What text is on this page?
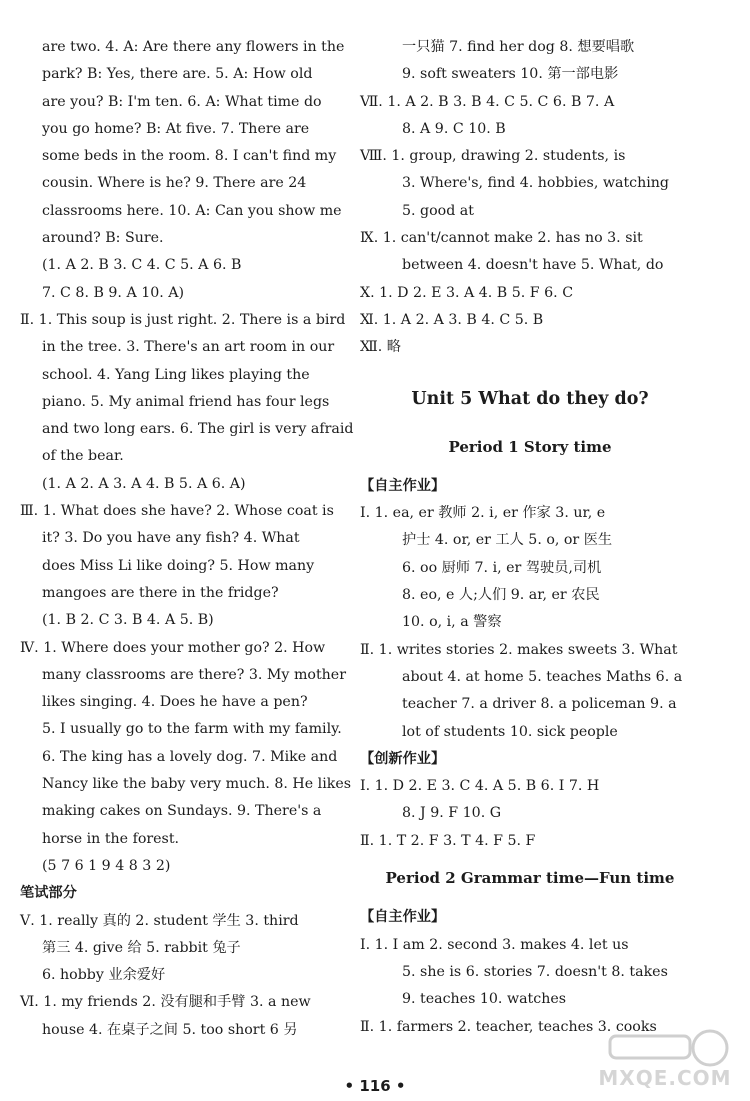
are two. 4. A: Are there any flowers in the

park? B: Yes, there are. 5. A: How old

are you? B: I'm ten. 6. A: What time do

you go home? B: At five. 7. There are

some beds in the room. 8. I can't find my

cousin. Where is he? 9. There are 24

classrooms here. 10. A: Can you show me

around? B: Sure.

(1. A 2. B 3. C 4. C 5. A 6. B

7. C 8. B 9. A 10. A)

Ⅱ. 1. This soup is just right. 2. There is a bird

in the tree. 3. There's an art room in our

school. 4. Yang Ling likes playing the

piano. 5. My animal friend has four legs

and two long ears. 6. The girl is very afraid

of the bear.

(1. A 2. A 3. A 4. B 5. A 6. A)

Ⅲ. 1. What does she have? 2. Whose coat is

it? 3. Do you have any fish? 4. What

does Miss Li like doing? 5. How many

mangoes are there in the fridge?

(1. B 2. C 3. B 4. A 5. B)

Ⅳ. 1. Where does your mother go? 2. How

many classrooms are there? 3. My mother

likes singing. 4. Does he have a pen?

5. I usually go to the farm with my family.

6. The king has a lovely dog. 7. Mike and

Nancy like the baby very much. 8. He likes

making cakes on Sundays. 9. There's a

horse in the forest.

(5 7 6 1 9 4 8 3 2)

笔试部分

Ⅴ. 1. really 真的 2. student 学生 3. third

第三 4. give 给 5. rabbit 兔子

6. hobby 业余爱好

Ⅵ. 1. my friends 2. 没有腿和手臂 3. a new

house 4. 在桌子之间 5. too short 6 另

一只猫 7. find her dog 8. 想要唱歌

9. soft sweaters 10. 第一部电影

Ⅶ. 1. A 2. B 3. B 4. C 5. C 6. B 7. A

8. A 9. C 10. B

Ⅷ. 1. group, drawing 2. students, is

3. Where's, find 4. hobbies, watching

5. good at

Ⅸ. 1. can't/cannot make 2. has no 3. sit

between 4. doesn't have 5. What, do

Ⅹ. 1. D 2. E 3. A 4. B 5. F 6. C

Ⅺ. 1. A 2. A 3. B 4. C 5. B

Ⅻ. 略

Unit 5 What do they do?

Period 1 Story time

【自主作业】

Ⅰ. 1. ea, er 教师 2. i, er 作家 3. ur, e

护士 4. or, er 工人 5. o, or 医生

6. oo 厨师 7. i, er 驾驶员,司机

8. eo, e 人;人们 9. ar, er 农民

10. o, i, a 警察

Ⅱ. 1. writes stories 2. makes sweets 3. What

about 4. at home 5. teaches Maths 6. a

teacher 7. a driver 8. a policeman 9. a

lot of students 10. sick people

【创新作业】

Ⅰ. 1. D 2. E 3. C 4. A 5. B 6. I 7. H

8. J 9. F 10. G

Ⅱ. 1. T 2. F 3. T 4. F 5. F

Period 2 Grammar time—Fun time

【自主作业】

Ⅰ. 1. I am 2. second 3. makes 4. let us

5. she is 6. stories 7. doesn't 8. takes

9. teaches 10. watches

Ⅱ. 1. farmers 2. teacher, teaches 3. cooks

MXQE.COM
• 116 •
